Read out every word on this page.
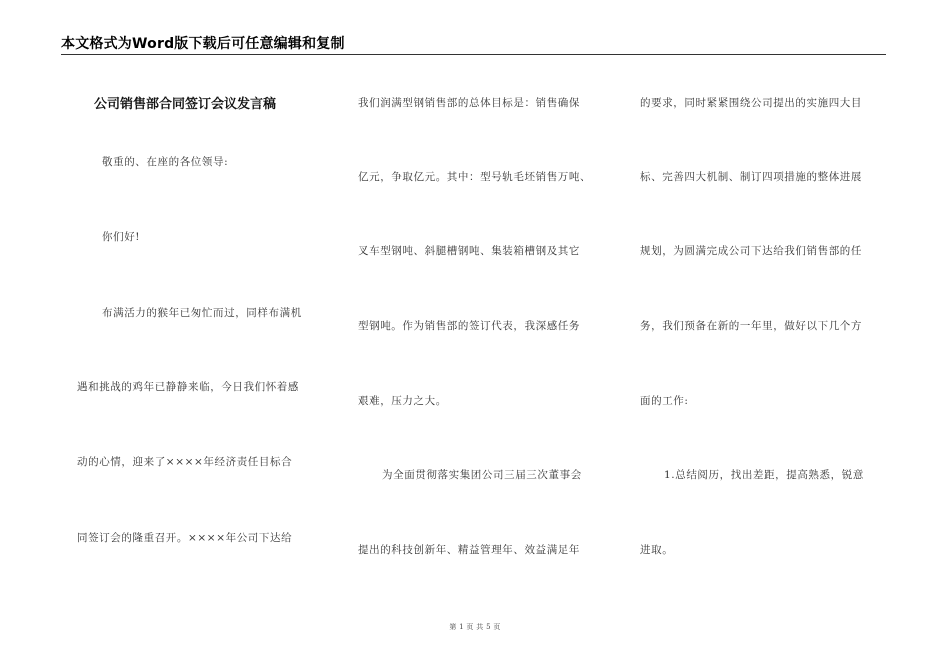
本文格式为Word版下载后可任意编辑和复制
公司销售部合同签订会议发言稿
敬重的、在座的各位领导:
你们好!
布满活力的猴年已匆忙而过，同样布满机
遇和挑战的鸡年已静静来临，今日我们怀着感
动的心情，迎来了××××年经济责任目标合
同签订会的隆重召开。××××年公司下达给
我们润满型钢销售部的总体目标是：销售确保
亿元，争取亿元。其中：型号轨毛坯销售万吨、
叉车型钢吨、斜腿槽钢吨、集装箱槽钢及其它
型钢吨。作为销售部的签订代表，我深感任务
艰难，压力之大。
为全面贯彻落实集团公司三届三次董事会
提出的科技创新年、精益管理年、效益满足年
的要求，同时紧紧围绕公司提出的实施四大目
标、完善四大机制、制订四项措施的整体进展
规划，为圆满完成公司下达给我们销售部的任
务，我们预备在新的一年里，做好以下几个方
面的工作:
1.总结阅历，找出差距，提高熟悉，锐意
进取。
第 1 页 共 5 页
